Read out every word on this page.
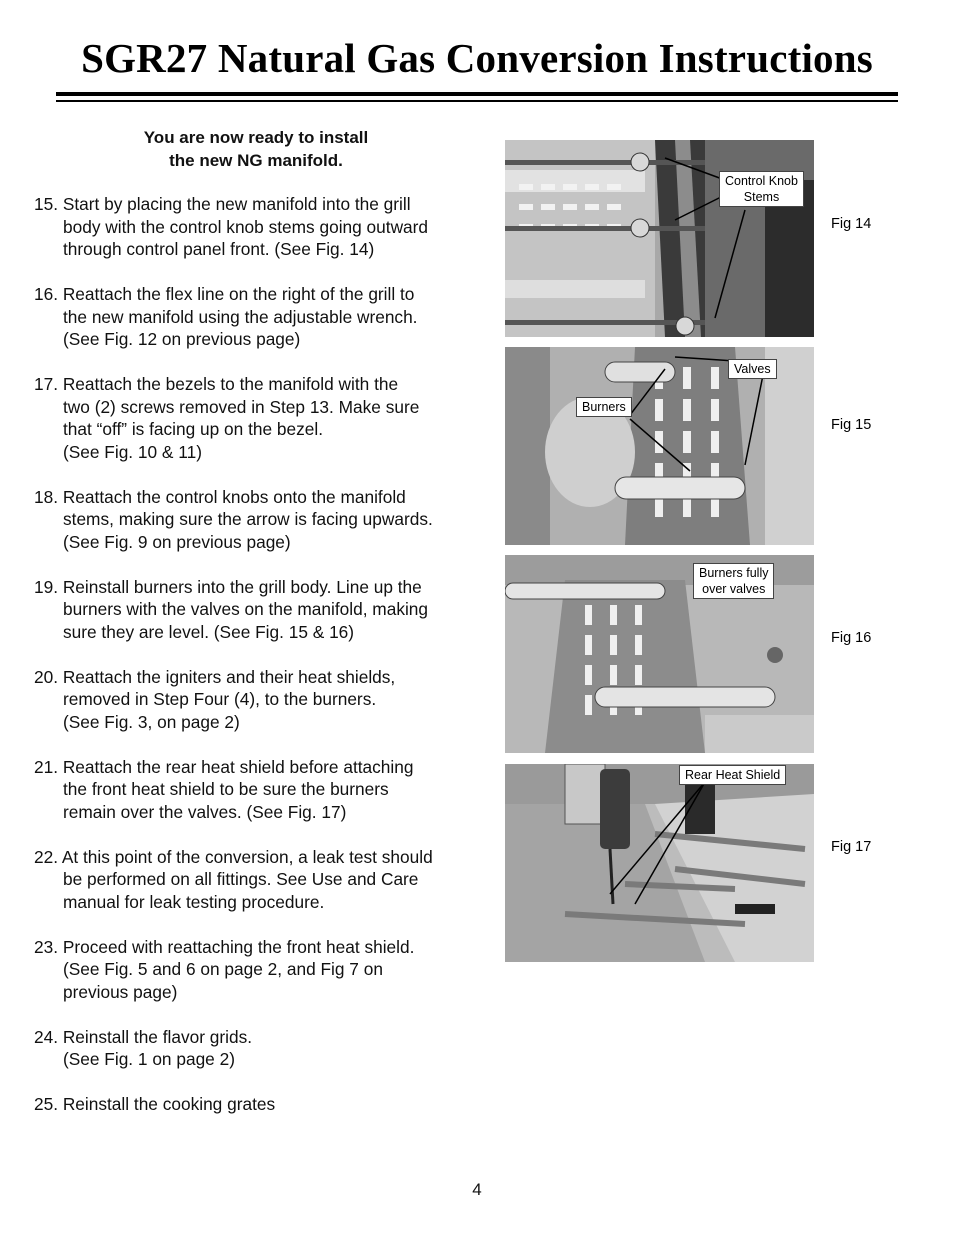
SGR27 Natural Gas Conversion Instructions
You are now ready to install
the new NG manifold.
15. Start by placing the new manifold into the grill
body with the control knob stems going outward
through control panel front. (See Fig. 14)
16. Reattach the flex line on the right of the grill to
the new manifold using the adjustable wrench.
(See Fig. 12 on previous page)
17. Reattach the bezels to the manifold with the
two (2) screws removed in Step 13. Make sure
that “off” is facing up on the bezel.
(See Fig. 10 & 11)
18. Reattach the control knobs onto the manifold
stems, making sure the arrow is facing upwards.
(See Fig. 9 on previous page)
19. Reinstall burners into the grill body. Line up the
burners with the valves on the manifold, making
sure they are level. (See Fig. 15 & 16)
20. Reattach the igniters and their heat shields,
removed in Step Four (4), to the burners.
(See Fig. 3, on page 2)
21. Reattach the rear heat shield before attaching
the front heat shield to be sure the burners
remain over the valves. (See Fig. 17)
22. At this point of the conversion, a leak test should
be performed on all fittings. See Use and Care
manual for leak testing procedure.
23. Proceed with reattaching the front heat shield.
(See Fig. 5 and 6 on page 2, and Fig 7 on
previous page)
24. Reinstall the flavor grids.
(See Fig. 1 on page 2)
25. Reinstall the cooking grates
Control Knob
Stems
Fig 14
Valves
Burners
Fig 15
Burners fully
over valves
Fig 16
Rear Heat Shield
Fig 17
4
